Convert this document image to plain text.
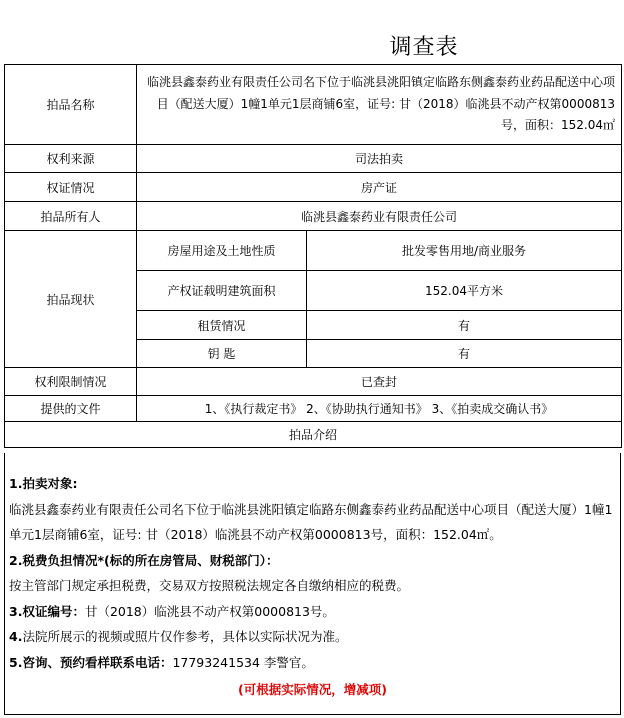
调查表
拍品名称	临洮县鑫泰药业有限责任公司名下位于临洮县洮阳镇定临路东侧鑫泰药业药品配送中心项目（配送大厦）1幢1单元1层商铺6室，证号: 甘（2018）临洮县不动产权第0000813号，面积：152.04㎡	
权利来源	司法拍卖	
权证情况	房产证	
拍品所有人	临洮县鑫泰药业有限责任公司	
拍品现状	房屋用途及土地性质	批发零售用地/商业服务
	产权证载明建筑面积	152.04平方米
	租赁情况	有
	钥 匙	有
权利限制情况	已查封	
提供的文件	1、《执行裁定书》 2、《协助执行通知书》 3、《拍卖成交确认书》	
拍品介绍		

1.拍卖对象:

临洮县鑫泰药业有限责任公司名下位于临洮县洮阳镇定临路东侧鑫泰药业药品配送中心项目（配送大厦）1幢1单元1层商铺6室，证号: 甘（2018）临洮县不动产权第0000813号，面积：152.04㎡。

2.税费负担情况*(标的所在房管局、财税部门）：

按主管部门规定承担税费，交易双方按照税法规定各自缴纳相应的税费。

3.权证编号：甘（2018）临洮县不动产权第0000813号。

4.法院所展示的视频或照片仅作参考，具体以实际状况为准。

5.咨询、预约看样联系电话：17793241534 李警官。

(可根据实际情况，增减项)
